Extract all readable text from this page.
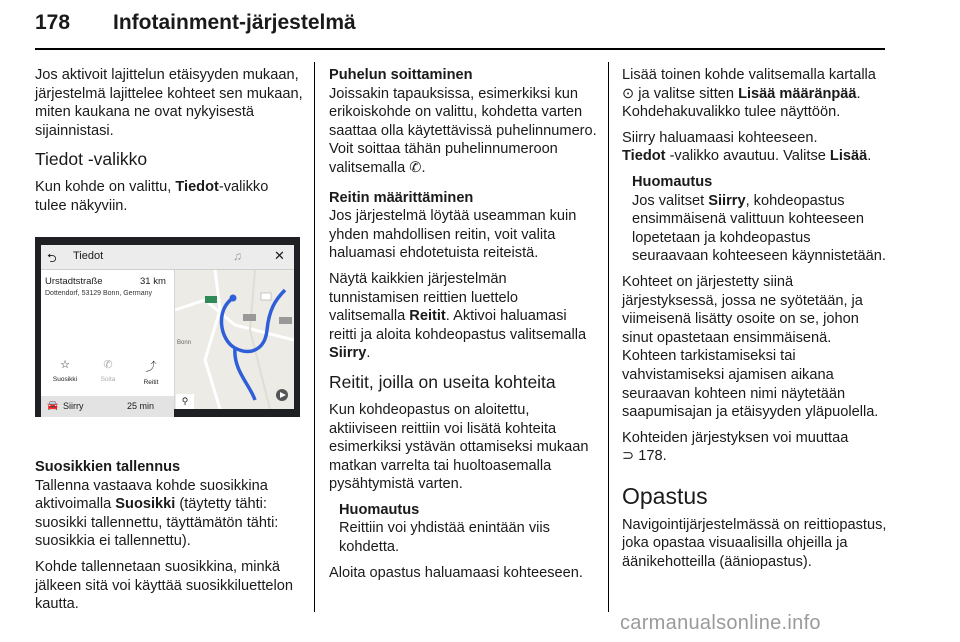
178 Infotainment-järjestelmä

Jos aktivoit lajittelun etäisyyden mukaan, järjestelmä lajittelee kohteet sen mukaan, miten kaukana ne ovat nykyisestä sijainnistasi.

Tiedot -valikko

Kun kohde on valittu, Tiedot-valikko tulee näkyviin.

⮌ Tiedot	♫ ✕
Urstadtstraße	31 km
Dottendorf, 53129 Bonn, Germany
☆
Suosikki
✆
Soita
⤴
Reitit
🚘 Siirry	25 min
Bonn
⚲

Suosikkien tallennus

Tallenna vastaava kohde suosikkina aktivoimalla Suosikki (täytetty tähti: suosikki tallennettu, täyttämätön tähti: suosikkia ei tallennettu).

Kohde tallennetaan suosikkina, minkä jälkeen sitä voi käyttää suosikkiluettelon kautta.

Puhelun soittaminen

Joissakin tapauksissa, esimerkiksi kun erikoiskohde on valittu, kohdetta varten saattaa olla käytettävissä puhelinnumero. Voit soittaa tähän puhelinnumeroon valitsemalla ✆.

Reitin määrittäminen

Jos järjestelmä löytää useamman kuin yhden mahdollisen reitin, voit valita haluamasi ehdotetuista reiteistä.

Näytä kaikkien järjestelmän tunnistamisen reittien luettelo valitsemalla Reitit. Aktivoi haluamasi reitti ja aloita kohdeopastus valitsemalla Siirry.

Reitit, joilla on useita kohteita

Kun kohdeopastus on aloitettu, aktiiviseen reittiin voi lisätä kohteita esimerkiksi ystävän ottamiseksi mukaan matkan varrelta tai huoltoasemalla pysähtymistä varten.

Huomautus

Reittiin voi yhdistää enintään viis kohdetta.

Aloita opastus haluamaasi kohteeseen.

Lisää toinen kohde valitsemalla kartalla ⊙ ja valitse sitten Lisää määränpää. Kohdehakuvalikko tulee näyttöön.

Siirry haluamaasi kohteeseen.
Tiedot -valikko avautuu. Valitse Lisää.

Huomautus

Jos valitset Siirry, kohdeopastus ensimmäisenä valittuun kohteeseen lopetetaan ja kohdeopastus seuraavaan kohteeseen käynnistetään.

Kohteet on järjestetty siinä järjestyksessä, jossa ne syötetään, ja viimeisenä lisätty osoite on se, johon sinut opastetaan ensimmäisenä. Kohteen tarkistamiseksi tai vahvistamiseksi ajamisen aikana seuraavan kohteen nimi näytetään saapumisajan ja etäisyyden yläpuolella.

Kohteiden järjestyksen voi muuttaa
⊃ 178.

Opastus

Navigointijärjestelmässä on reittiopastus, joka opastaa visuaalisilla ohjeilla ja äänikehotteilla (ääniopastus).

carmanualsonline.info
